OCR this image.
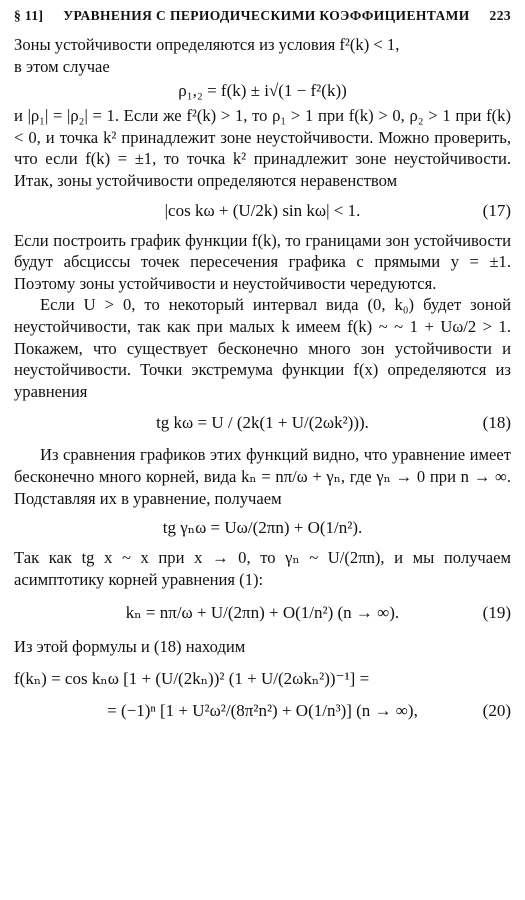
§ 11]	УРАВНЕНИЯ С ПЕРИОДИЧЕСКИМИ КОЭФФИЦИЕНТАМИ	223

Зоны устойчивости определяются из условия f²(k) < 1,

в этом случае

ρ₁,₂ = f(k) ± i√(1 − f²(k))

и |ρ₁| = |ρ₂| = 1. Если же f²(k) > 1, то ρ₁ > 1 при f(k) > 0, ρ₂ > 1 при f(k) < 0, и точка k² принадлежит зоне неустойчивости. Можно проверить, что если f(k) = ±1, то точка k² принадлежит зоне неустойчивости. Итак, зоны устойчивости определяются неравенством

|cos kω + (U/2k) sin kω| < 1.	(17)

Если построить график функции f(k), то границами зон устойчивости будут абсциссы точек пересечения графика с прямыми y = ±1. Поэтому зоны устойчивости и неустойчивости чередуются.

Если U > 0, то некоторый интервал вида (0, k₀) будет зоной неустойчивости, так как при малых k имеем f(k) ~ ~ 1 + Uω/2 > 1. Покажем, что существует бесконечно много зон устойчивости и неустойчивости. Точки экстремума функции f(x) определяются из уравнения

tg kω = U / (2k(1 + U/(2ωk²))).	(18)

Из сравнения графиков этих функций видно, что уравнение имеет бесконечно много корней, вида kₙ = nπ/ω + γₙ, где γₙ → 0 при n → ∞. Подставляя их в уравнение, получаем

tg γₙω = Uω/(2πn) + O(1/n²).

Так как tg x ~ x при x → 0, то γₙ ~ U/(2πn), и мы получаем асимптотику корней уравнения (1):

kₙ = nπ/ω + U/(2πn) + O(1/n²) (n → ∞).	(19)

Из этой формулы и (18) находим

f(kₙ) = cos kₙω [1 + (U/(2kₙ))² (1 + U/(2ωkₙ²))⁻¹] =
= (−1)ⁿ [1 + U²ω²/(8π²n²) + O(1/n³)] (n → ∞),	(20)
